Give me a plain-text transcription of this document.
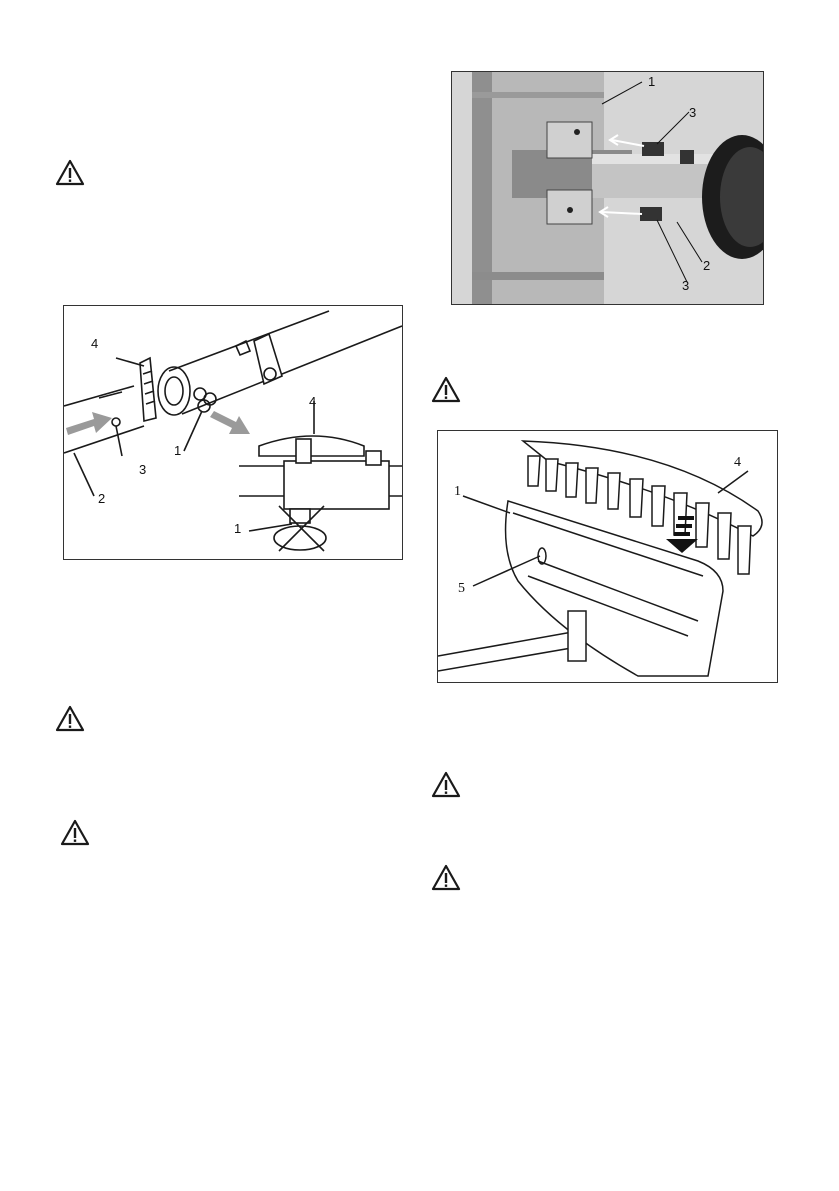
4
3
1
2
4
1
1
3
2
3
1
4
5
